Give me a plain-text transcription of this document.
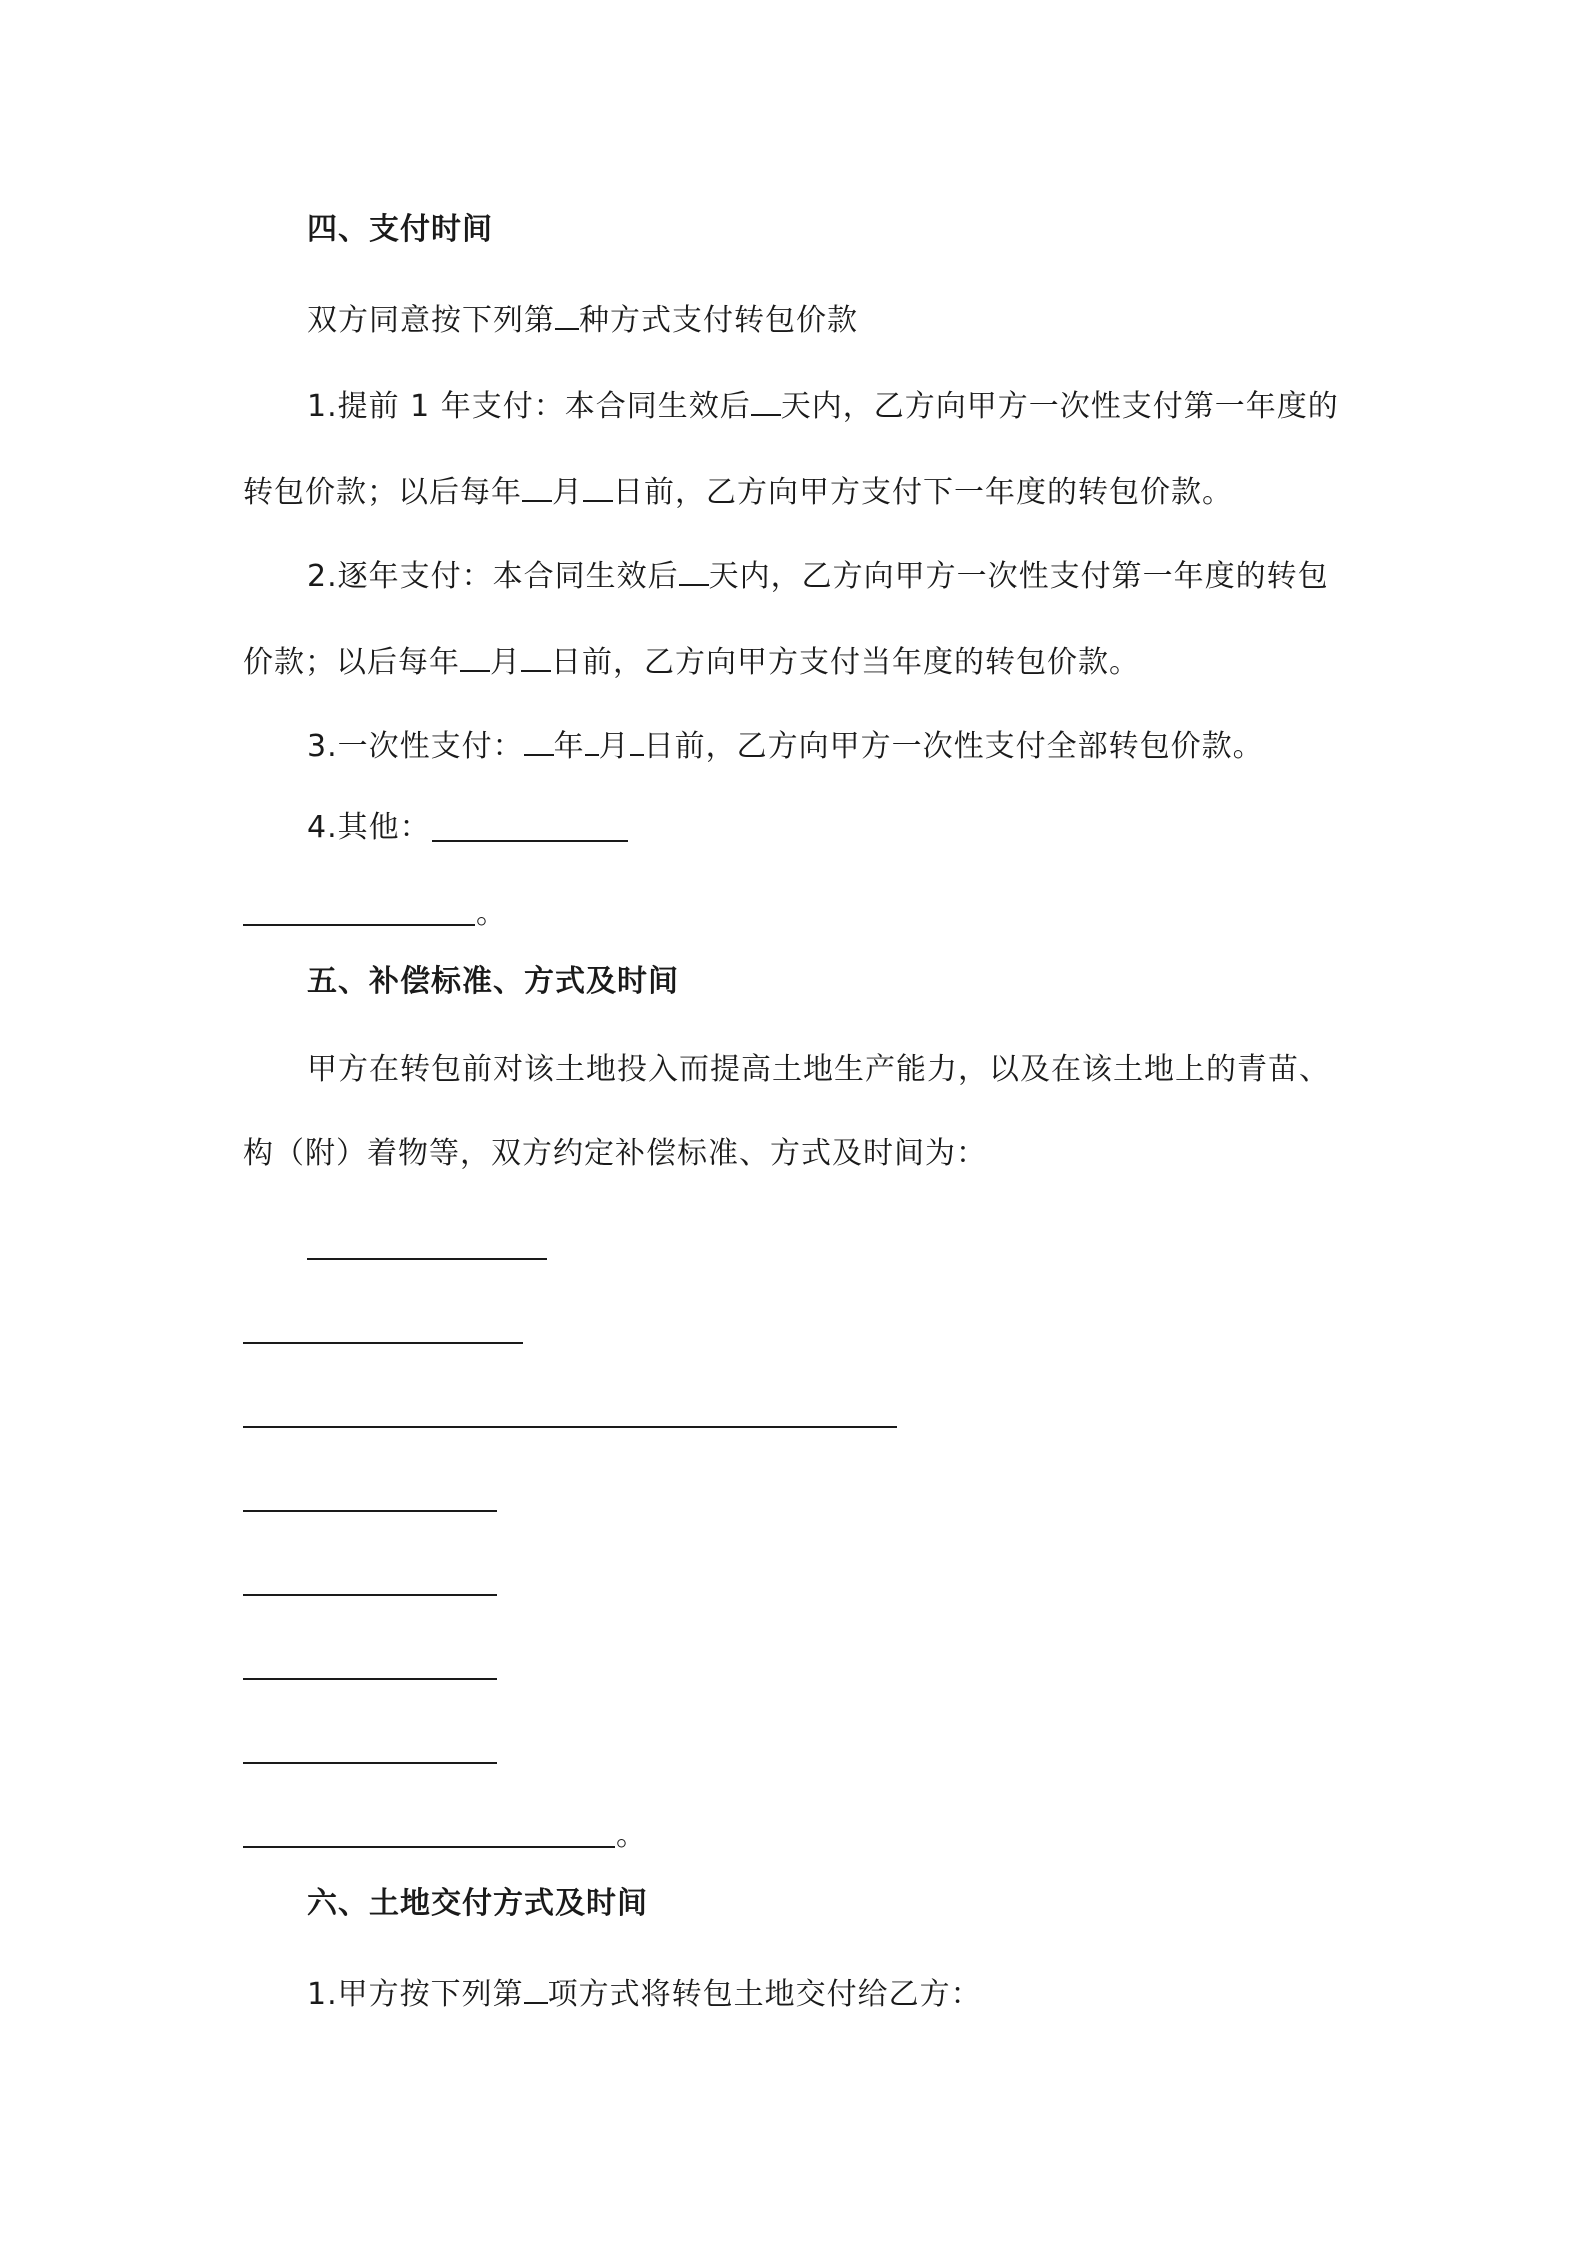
四、支付时间
双方同意按下列第 种方式支付转包价款
1.提前 1 年支付：本合同生效后 天内，乙方向甲方一次性支付第一年度的
转包价款；以后每年 月 日前，乙方向甲方支付下一年度的转包价款。
2.逐年支付：本合同生效后 天内，乙方向甲方一次性支付第一年度的转包
价款；以后每年 月 日前，乙方向甲方支付当年度的转包价款。
3.一次性支付： 年 月 日前，乙方向甲方一次性支付全部转包价款。
4.其他：
。
五、补偿标准、方式及时间
甲方在转包前对该土地投入而提高土地生产能力，以及在该土地上的青苗、
构（附）着物等，双方约定补偿标准、方式及时间为：
。
六、土地交付方式及时间
1.甲方按下列第 项方式将转包土地交付给乙方：
